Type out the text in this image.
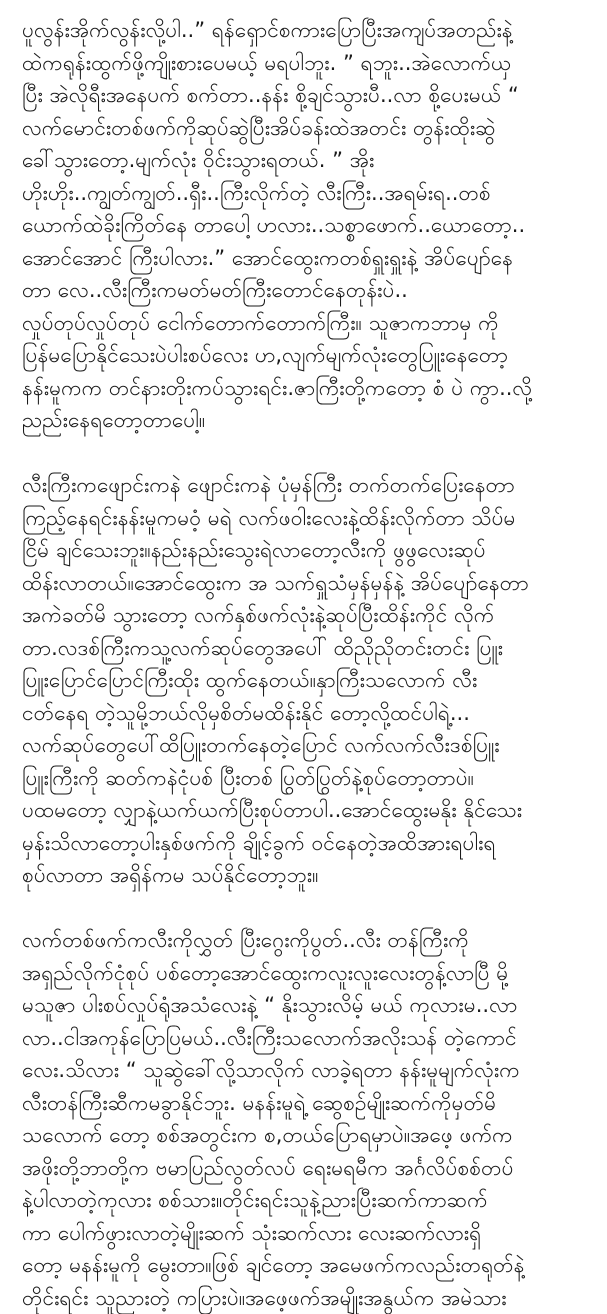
ပူလွန်းအိုက်လွန်းလို့ပါ..” ရန်ရှောင်စကားပြောပြီးအကျပ်အတည်းနဲ့
ထဲကရုန်းထွက်ဖို့ကျိုးစားပေမယ့် မရပါဘူး. ” ရဘူး..အဲလောက်ယှ
ပြီး အဲလိုရီးအနေပက် စက်တာ..နန်း စို့ချင်သွားပီ..လာ စို့ပေးမယ် “
လက်မောင်းတစ်ဖက်ကိုဆုပ်ဆွဲပြီးအိပ်ခန်းထဲအတင်း တွန်းထိုးဆွဲ
ခေါ်သွားတော့.မျက်လုံး ဝိုင်းသွားရတယ်. ” အိုး
ဟိုးဟိုး..ကျွတ်ကျွတ်..ရှီး..ကြီးလိုက်တဲ့ လီးကြီး..အရမ်းရ..တစ်
ယောက်ထဲခိုးကြိတ်နေ တာပေါ့ ဟလား..သစ္စာဖောက်..ယောတော့..
အောင်အောင် ကြီးပါလား.” အောင်ထွေးကတစ်ရှူးရှူးနဲ့ အိပ်ပျော်နေ
တာ လေ..လီးကြီးကမတ်မတ်ကြီးတောင်နေတုန်းပဲ..
လှုပ်တုပ်လှုပ်တုပ် ငေါက်တောက်တောက်ကြီး။ သူဇာကဘာမှ ကို
ပြန်မပြောနိုင်သေးပဲပါးစပ်လေး ဟ,လျက်မျက်လုံးတွေပြူးနေတော့
နန်းမူကက တင်နားတိုးကပ်သွားရင်း.ဇာကြီးတို့ကတော့ စံ ပဲ ကွာ..လို့
ညည်းနေရတော့တာပေါ့။

လီးကြီးကဖျောင်းကနဲ ဖျောင်းကနဲ ပုံမှန်ကြီး တက်တက်ပြေးနေတာ
ကြည့်နေရင်းနန်းမူကမဝံ့ မရဲ လက်ဖဝါးလေးနဲ့ထိန်းလိုက်တာ သိပ်မ
ငြိမ် ချင်သေးဘူး။နည်းနည်းသွေးရဲလာတော့လီးကို ဖွဖွလေးဆုပ်
ထိန်းလာတယ်။အောင်ထွေးက အ သက်ရှူသံမှန်မှန်နဲ့ အိပ်ပျော်နေတာ
အကဲခတ်မိ သွားတော့ လက်နှစ်ဖက်လုံးနဲ့ဆုပ်ပြီးထိန်းကိုင် လိုက်
တာ.လဒစ်ကြီးကသူ့လက်ဆုပ်တွေအပေါ် ထိညိုညိုတင်းတင်း ပြူး
ပြူးပြောင်ပြောင်ကြီးထိုး ထွက်နေတယ်။နှာကြီးသလောက် လီး
ငတ်နေရ တဲ့သူမို့ဘယ်လိုမှစိတ်မထိန်းနိုင် တော့လို့ထင်ပါရဲ့...
လက်ဆုပ်တွေပေါ်ထိပြူးတက်နေတဲ့ပြောင် လက်လက်လီးဒစ်ပြူး
ပြူးကြီးကို ဆတ်ကနဲငုံပစ် ပြီးတစ် ပြွတ်ပြွတ်နဲ့စုပ်တော့တာပဲ။
ပထမတော့ လျှာနဲ့ယက်ယက်ပြီးစုပ်တာပါ..အောင်ထွေးမနိုး နိုင်သေး
မှန်းသိလာတော့ပါးနှစ်ဖက်ကို ချိုင့်ခွက် ဝင်နေတဲ့အထိအားရပါးရ
စုပ်လာတာ အရှိန်ကမ သပ်နိုင်တော့ဘူး။

လက်တစ်ဖက်ကလီးကိုလွှတ် ပြီးဂွေးကိုပွတ်..လီး တန်ကြီးကို
အရှည်လိုက်ငုံစုပ် ပစ်တော့အောင်ထွေးကလူးလူးလေးတွန့်လာပြီ မို့
မသူဇာ ပါးစပ်လှုပ်ရုံအသံလေးနဲ့ “ နိုးသွားလိမ့် မယ် ကုလားမ..လာ
လာ..ငါအကုန်ပြောပြမယ်..လီးကြီးသလောက်အလိုးသန် တဲ့ကောင်
လေး.သိလား “ သူဆွဲခေါ်လို့သာလိုက် လာခဲ့ရတာ နန်းမူမျက်လုံးက
လီးတန်ကြီးဆီကမခွာနိုင်ဘူး. မနန်းမူရဲ့ ဆွေစဉ်မျိုးဆက်ကိုမှတ်မိ
သလောက် တော့ စစ်အတွင်းက စ,တယ်ပြောရမှာပဲ။အဖေ့ ဖက်က
အဖိုးတို့ဘာတို့က ဗမာပြည်လွတ်လပ် ရေးမရမီက အင်္ဂလိပ်စစ်တပ်
နဲ့ပါလာတဲ့ကုလား စစ်သား။တိုင်းရင်းသူနဲ့ညားပြီးဆက်ကာဆက်
ကာ ပေါက်ဖွားလာတဲ့မျိုးဆက် သုံးဆက်လား လေးဆက်လားရှိ
တော့ မနန်းမူကို မွေးတာ။ဖြစ် ချင်တော့ အမေဖက်ကလည်းတရုတ်နဲ့
တိုင်းရင်း သူညားတဲ့ ကပြားပဲ။အဖေ့ဖက်အမျိုးအနွယ်က အမဲသား
